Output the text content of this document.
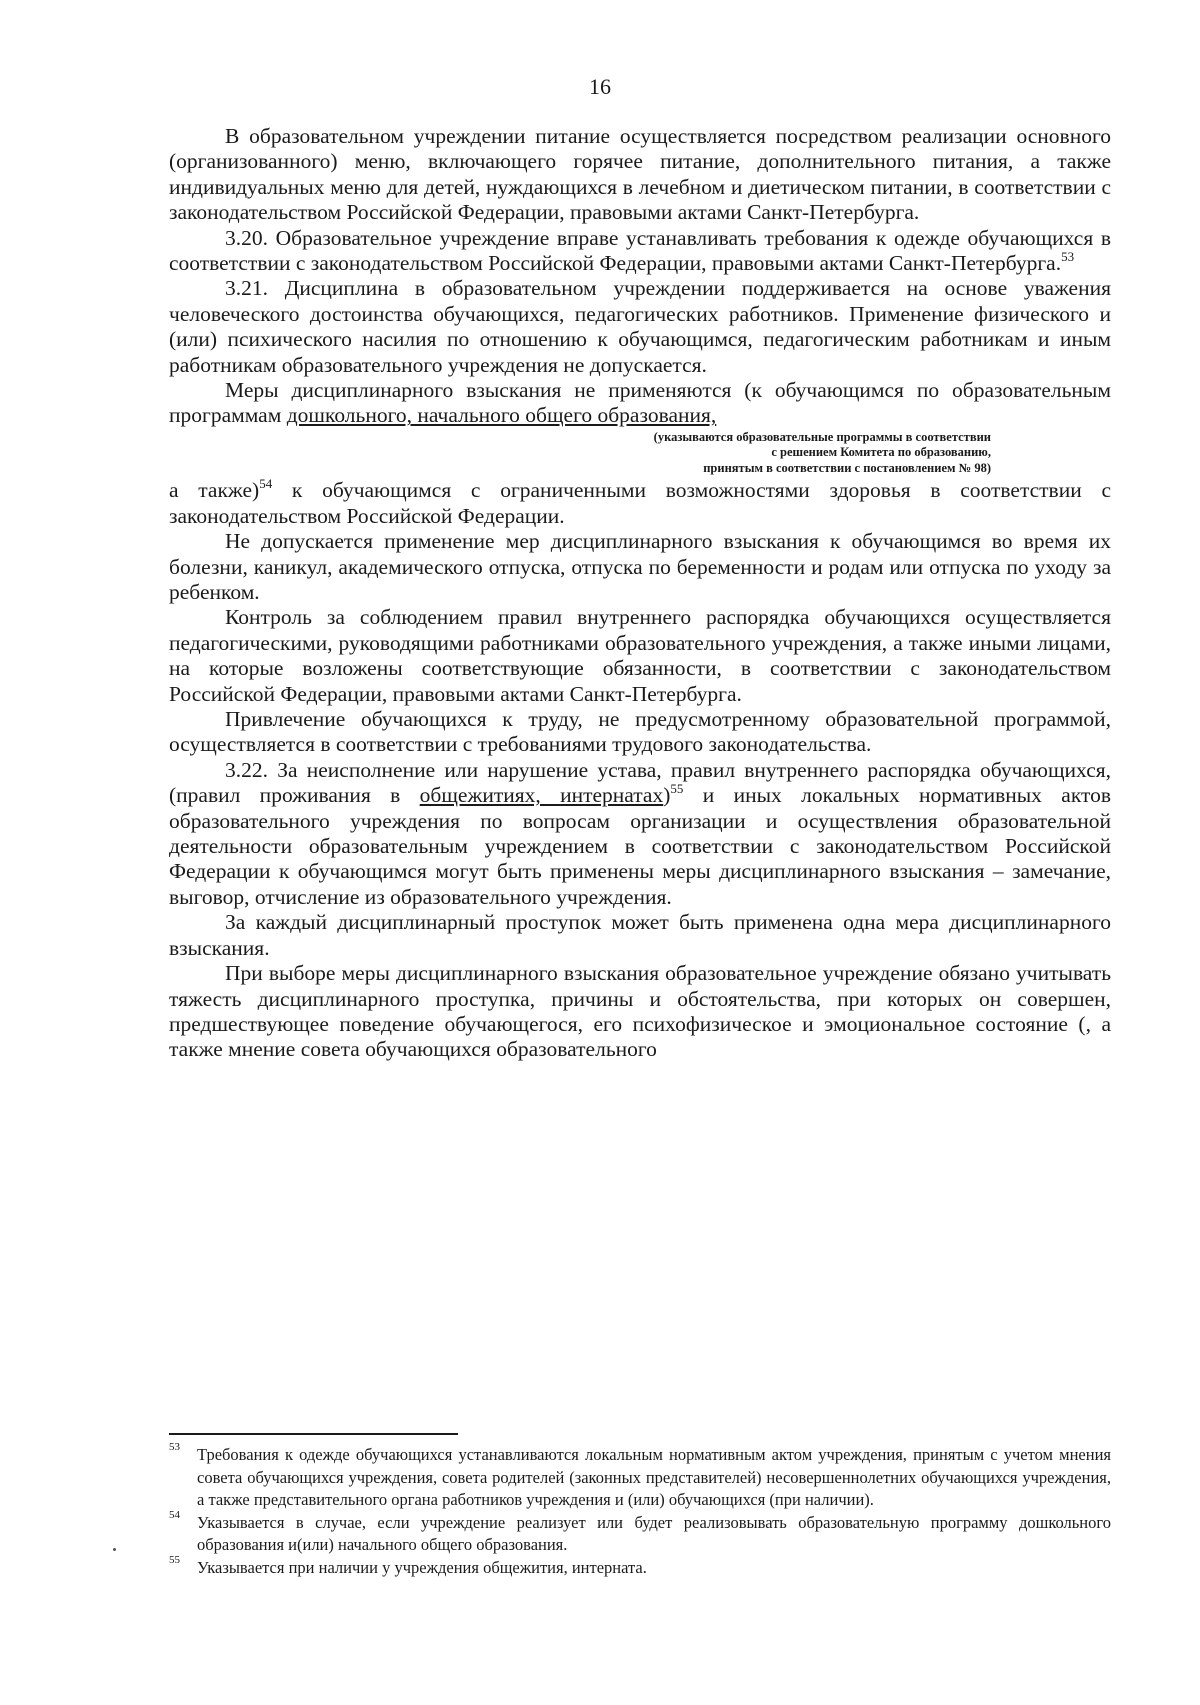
16

В образовательном учреждении питание осуществляется посредством реализации основного (организованного) меню, включающего горячее питание, дополнительного питания, а также индивидуальных меню для детей, нуждающихся в лечебном и диетическом питании, в соответствии с законодательством Российской Федерации, правовыми актами Санкт-Петербурга.

3.20. Образовательное учреждение вправе устанавливать требования к одежде обучающихся в соответствии с законодательством Российской Федерации, правовыми актами Санкт-Петербурга.$^{53}$

3.21. Дисциплина в образовательном учреждении поддерживается на основе уважения человеческого достоинства обучающихся, педагогических работников. Применение физического и (или) психического насилия по отношению к обучающимся, педагогическим работникам и иным работникам образовательного учреждения не допускается.

Меры дисциплинарного взыскания не применяются (к обучающимся по образовательным программам дошкольного, начального общего образования,

(указываются образовательные программы в соответствии
с решением Комитета по образованию,
принятым в соответствии с постановлением № 98)

а также)$^{54}$ к обучающимся с ограниченными возможностями здоровья в соответствии с законодательством Российской Федерации.

Не допускается применение мер дисциплинарного взыскания к обучающимся во время их болезни, каникул, академического отпуска, отпуска по беременности и родам или отпуска по уходу за ребенком.

Контроль за соблюдением правил внутреннего распорядка обучающихся осуществляется педагогическими, руководящими работниками образовательного учреждения, а также иными лицами, на которые возложены соответствующие обязанности, в соответствии с законодательством Российской Федерации, правовыми актами Санкт-Петербурга.

Привлечение обучающихся к труду, не предусмотренному образовательной программой, осуществляется в соответствии с требованиями трудового законодательства.

3.22. За неисполнение или нарушение устава, правил внутреннего распорядка обучающихся, (правил проживания в общежитиях, интернатах)$^{55}$ и иных локальных нормативных актов образовательного учреждения по вопросам организации и осуществления образовательной деятельности образовательным учреждением в соответствии с законодательством Российской Федерации к обучающимся могут быть применены меры дисциплинарного взыскания – замечание, выговор, отчисление из образовательного учреждения.

За каждый дисциплинарный проступок может быть применена одна мера дисциплинарного взыскания.

При выборе меры дисциплинарного взыскания образовательное учреждение обязано учитывать тяжесть дисциплинарного проступка, причины и обстоятельства, при которых он совершен, предшествующее поведение обучающегося, его психофизическое и эмоциональное состояние (, а также мнение совета обучающихся образовательного

53 Требования к одежде обучающихся устанавливаются локальным нормативным актом учреждения, принятым с учетом мнения совета обучающихся учреждения, совета родителей (законных представителей) несовершеннолетних обучающихся учреждения, а также представительного органа работников учреждения и (или) обучающихся (при наличии).
54 Указывается в случае, если учреждение реализует или будет реализовывать образовательную программу дошкольного образования и(или) начального общего образования.
55 Указывается при наличии у учреждения общежития, интерната.
